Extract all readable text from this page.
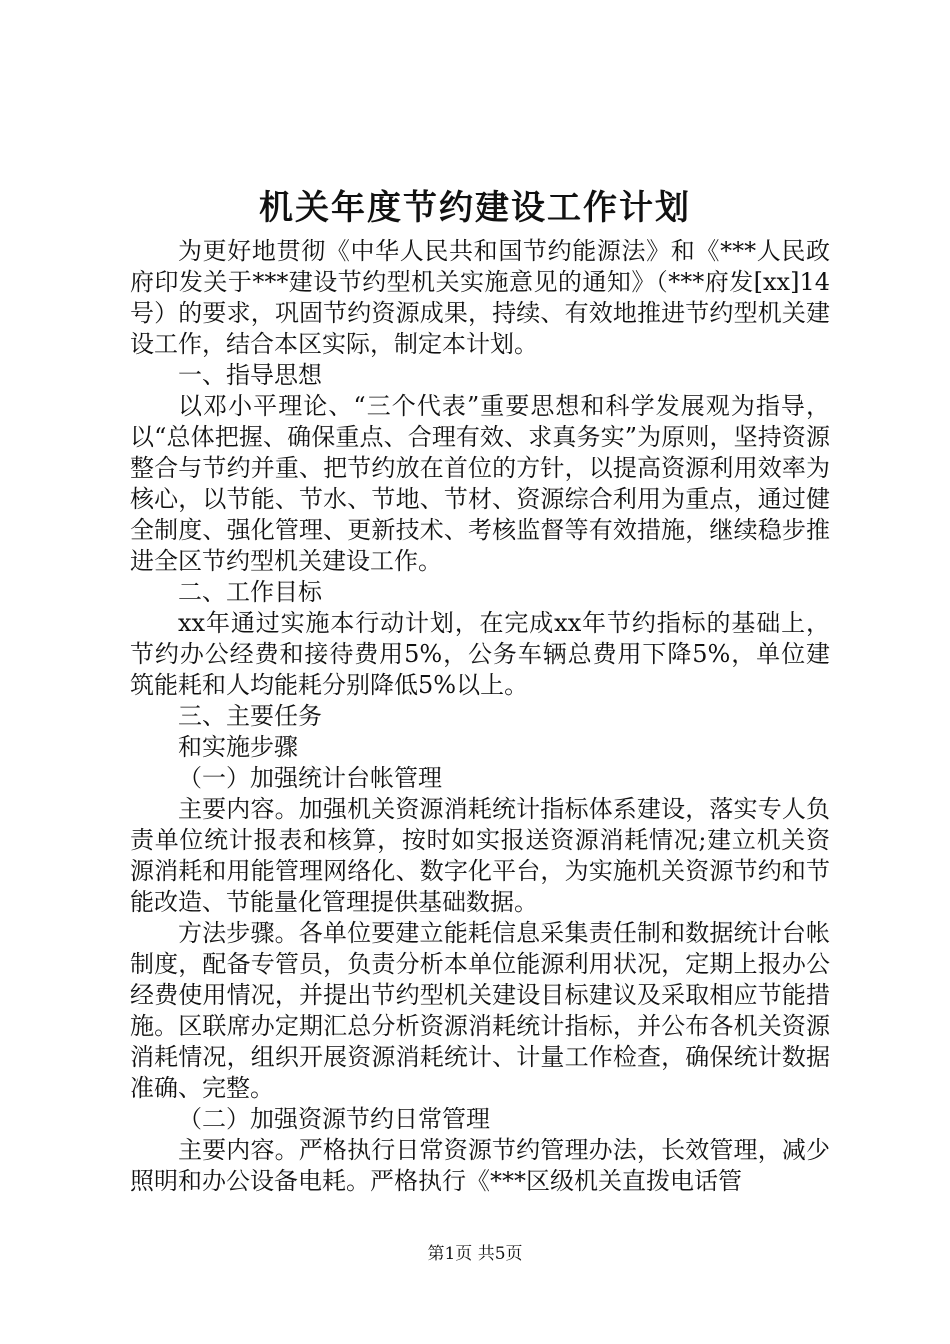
机关年度节约建设工作计划

为更好地贯彻《中华人民共和国节约能源法》和《***人民政府印发关于***建设节约型机关实施意见的通知》（***府发[xx]14号）的要求，巩固节约资源成果，持续、有效地推进节约型机关建设工作，结合本区实际，制定本计划。

一、指导思想

以邓小平理论、“三个代表”重要思想和科学发展观为指导，以“总体把握、确保重点、合理有效、求真务实”为原则，坚持资源整合与节约并重、把节约放在首位的方针，以提高资源利用效率为核心，以节能、节水、节地、节材、资源综合利用为重点，通过健全制度、强化管理、更新技术、考核监督等有效措施，继续稳步推进全区节约型机关建设工作。

二、工作目标

xx年通过实施本行动计划，在完成xx年节约指标的基础上，节约办公经费和接待费用5%，公务车辆总费用下降5%，单位建筑能耗和人均能耗分别降低5%以上。

三、主要任务

和实施步骤

（一）加强统计台帐管理

主要内容。加强机关资源消耗统计指标体系建设，落实专人负责单位统计报表和核算，按时如实报送资源消耗情况;建立机关资源消耗和用能管理网络化、数字化平台，为实施机关资源节约和节能改造、节能量化管理提供基础数据。

方法步骤。各单位要建立能耗信息采集责任制和数据统计台帐制度，配备专管员，负责分析本单位能源利用状况，定期上报办公经费使用情况，并提出节约型机关建设目标建议及采取相应节能措施。区联席办定期汇总分析资源消耗统计指标，并公布各机关资源消耗情况，组织开展资源消耗统计、计量工作检查，确保统计数据准确、完整。

（二）加强资源节约日常管理

主要内容。严格执行日常资源节约管理办法，长效管理，减少照明和办公设备电耗。严格执行《***区级机关直拨电话管

第1页 共5页
